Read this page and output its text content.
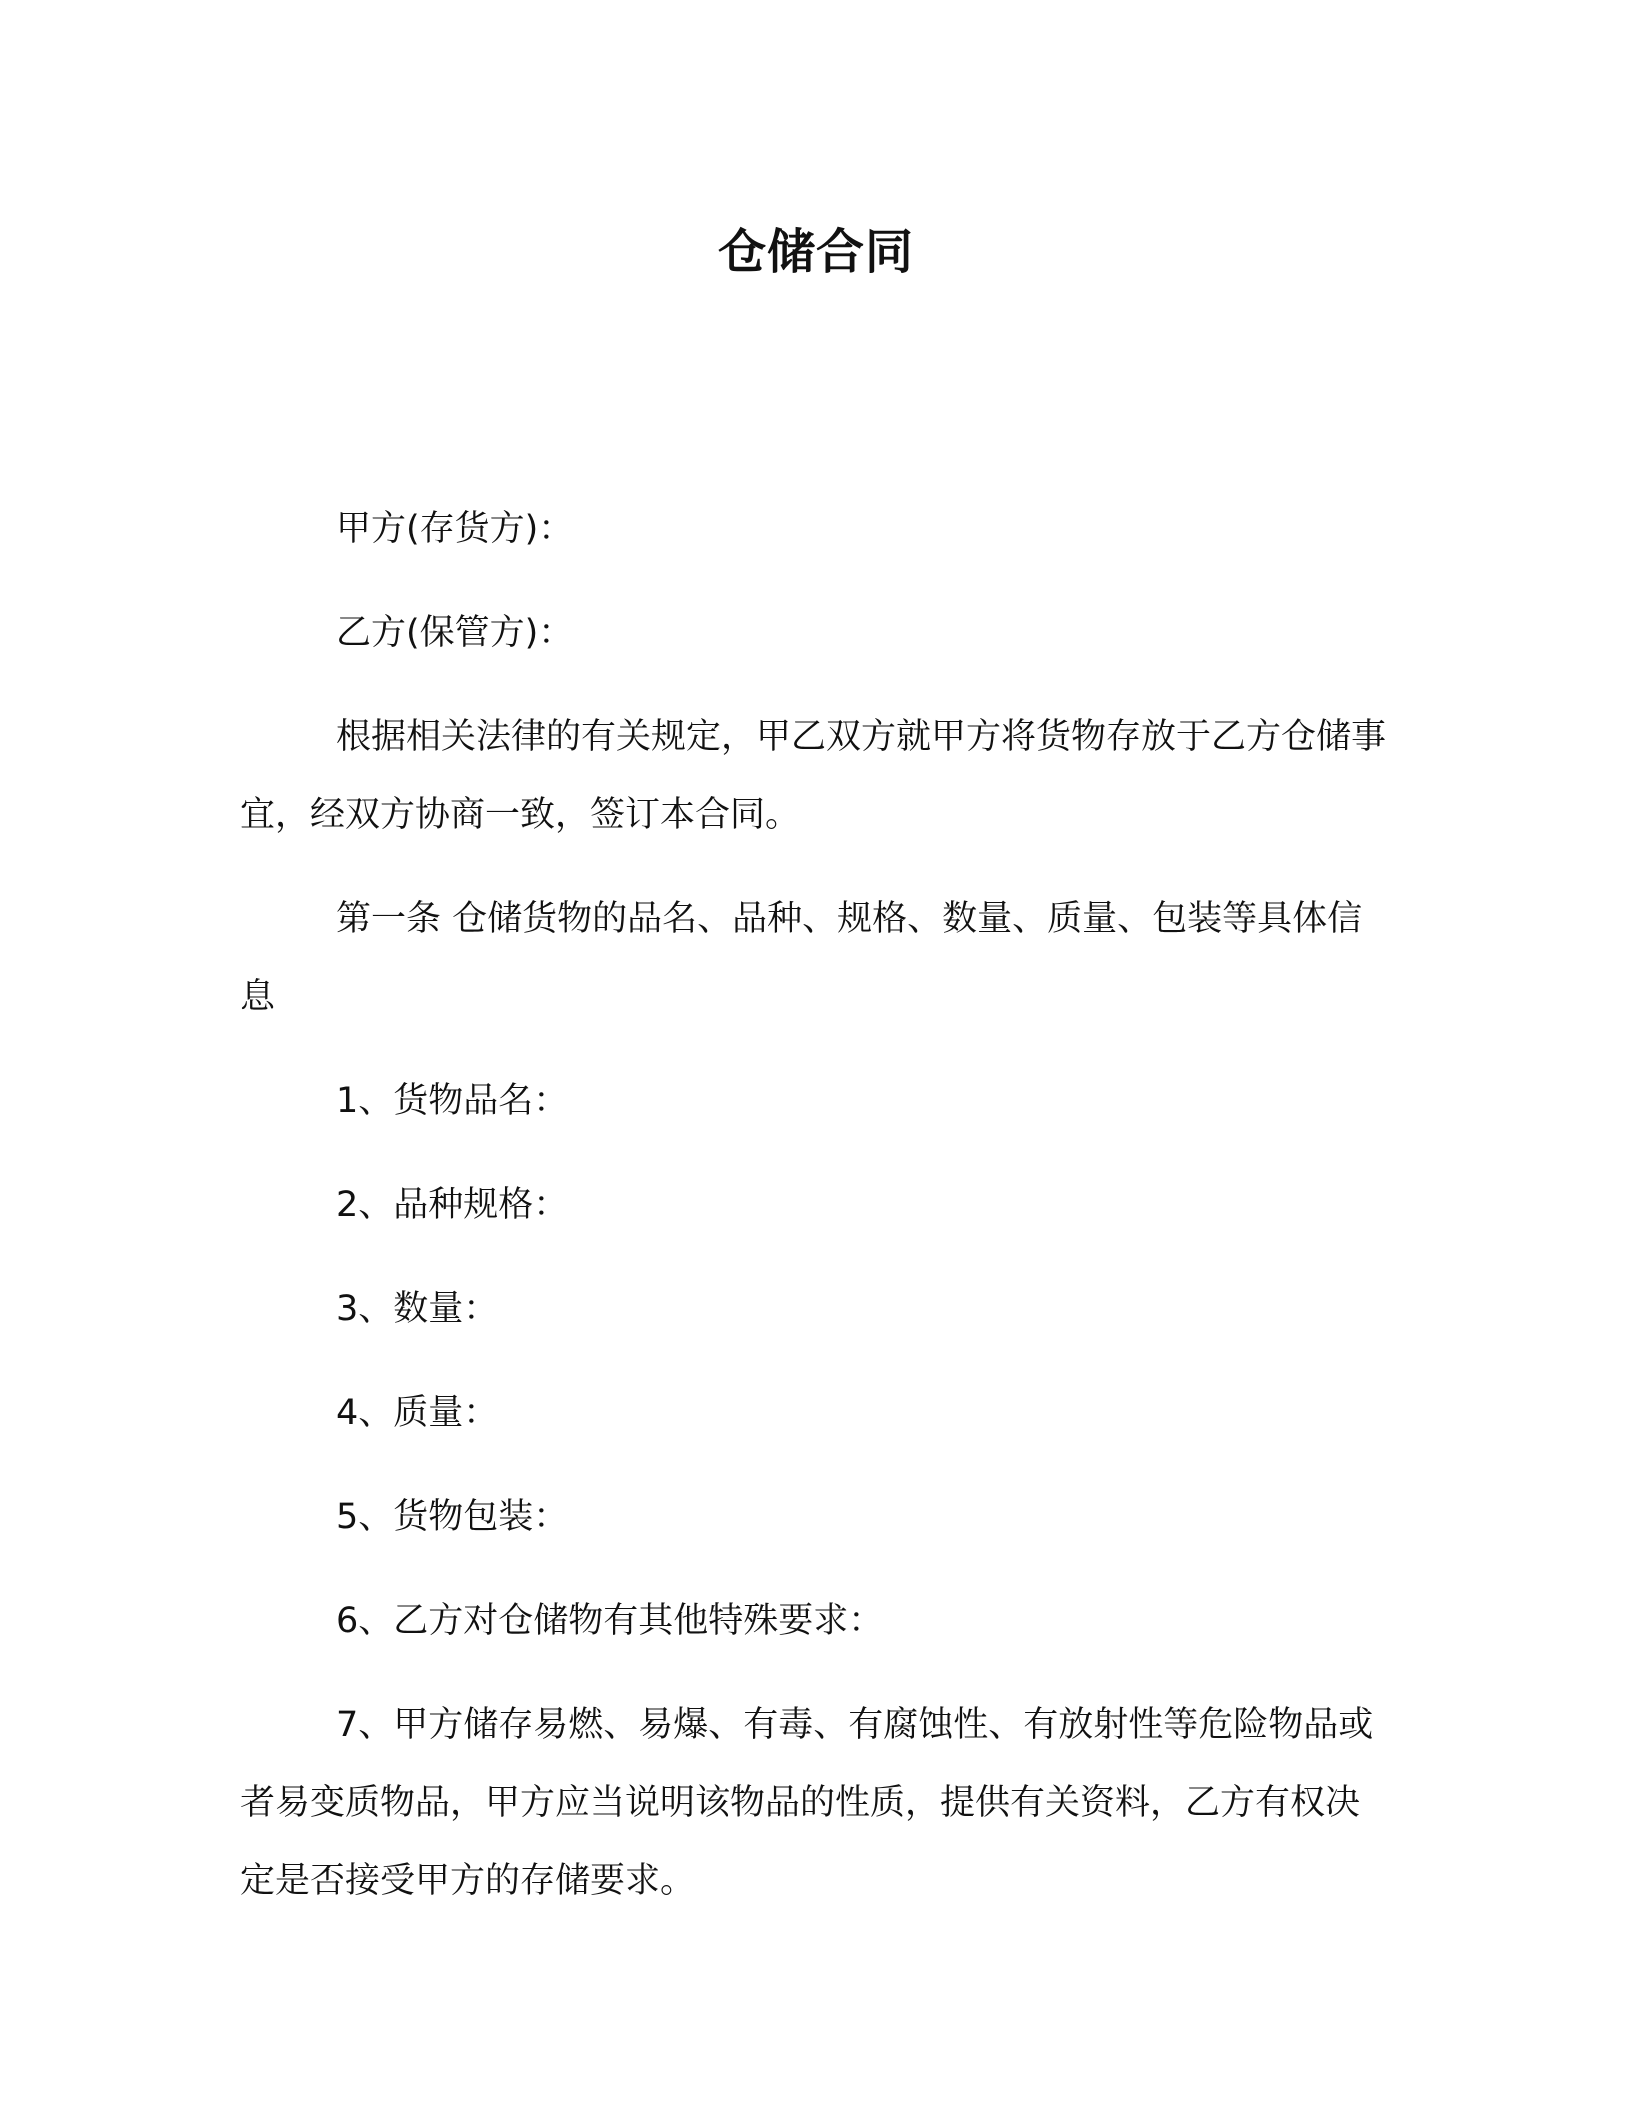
仓储合同

甲方(存货方)：

乙方(保管方)：

根据相关法律的有关规定，甲乙双方就甲方将货物存放于乙方仓储事宜，经双方协商一致，签订本合同。

第一条 仓储货物的品名、品种、规格、数量、质量、包装等具体信息

1、货物品名：

2、品种规格：

3、数量：

4、质量：

5、货物包装：

6、乙方对仓储物有其他特殊要求：

7、甲方储存易燃、易爆、有毒、有腐蚀性、有放射性等危险物品或者易变质物品，甲方应当说明该物品的性质，提供有关资料，乙方有权决定是否接受甲方的存储要求。
